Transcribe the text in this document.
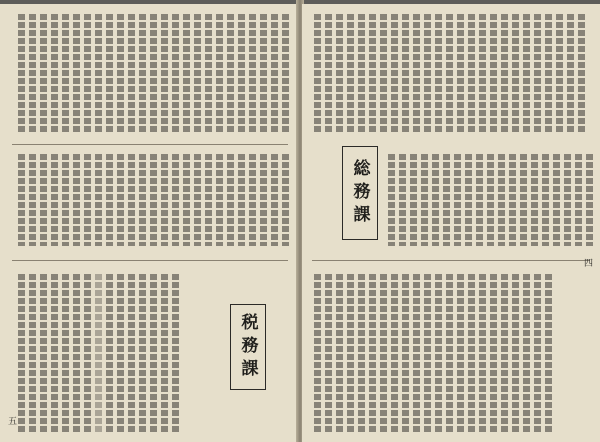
税務課
五
総務課
四
